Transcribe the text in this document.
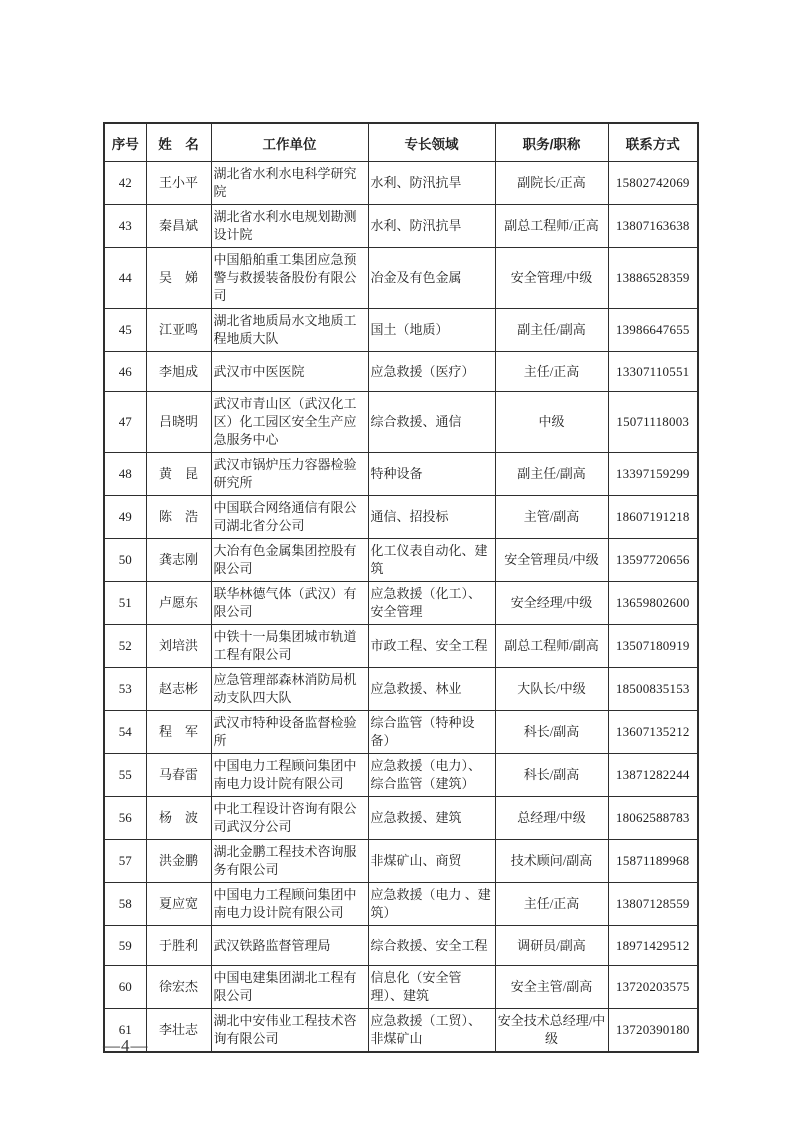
序号	姓　名	工作单位	专长领域	职务/职称	联系方式
42	王小平	湖北省水利水电科学研究院	水利、防汛抗旱	副院长/正高	15802742069
43	秦昌斌	湖北省水利水电规划勘测设计院	水利、防汛抗旱	副总工程师/正高	13807163638
44	吴　娣	中国船舶重工集团应急预警与救援装备股份有限公司	冶金及有色金属	安全管理/中级	13886528359
45	江亚鸣	湖北省地质局水文地质工程地质大队	国土（地质）	副主任/副高	13986647655
46	李旭成	武汉市中医医院	应急救援（医疗）	主任/正高	13307110551
47	吕晓明	武汉市青山区（武汉化工区）化工园区安全生产应急服务中心	综合救援、通信	中级	15071118003
48	黄　昆	武汉市锅炉压力容器检验研究所	特种设备	副主任/副高	13397159299
49	陈　浩	中国联合网络通信有限公司湖北省分公司	通信、招投标	主管/副高	18607191218
50	龚志刚	大冶有色金属集团控股有限公司	化工仪表自动化、建筑	安全管理员/中级	13597720656
51	卢愿东	联华林德气体（武汉）有限公司	应急救援（化工）、安全管理	安全经理/中级	13659802600
52	刘培洪	中铁十一局集团城市轨道工程有限公司	市政工程、安全工程	副总工程师/副高	13507180919
53	赵志彬	应急管理部森林消防局机动支队四大队	应急救援、林业	大队长/中级	18500835153
54	程　军	武汉市特种设备监督检验所	综合监管（特种设备）	科长/副高	13607135212
55	马春雷	中国电力工程顾问集团中南电力设计院有限公司	应急救援（电力）、综合监管（建筑）	科长/副高	13871282244
56	杨　波	中北工程设计咨询有限公司武汉分公司	应急救援、建筑	总经理/中级	18062588783
57	洪金鹏	湖北金鹏工程技术咨询服务有限公司	非煤矿山、商贸	技术顾问/副高	15871189968
58	夏应宽	中国电力工程顾问集团中南电力设计院有限公司	应急救援（电力 、建筑）	主任/正高	13807128559
59	于胜利	武汉铁路监督管理局	综合救援、安全工程	调研员/副高	18971429512
60	徐宏杰	中国电建集团湖北工程有限公司	信息化（安全管理）、建筑	安全主管/副高	13720203575
61	李壮志	湖北中安伟业工程技术咨询有限公司	应急救援（工贸）、非煤矿山	安全技术总经理/中级	13720390180
—4—
